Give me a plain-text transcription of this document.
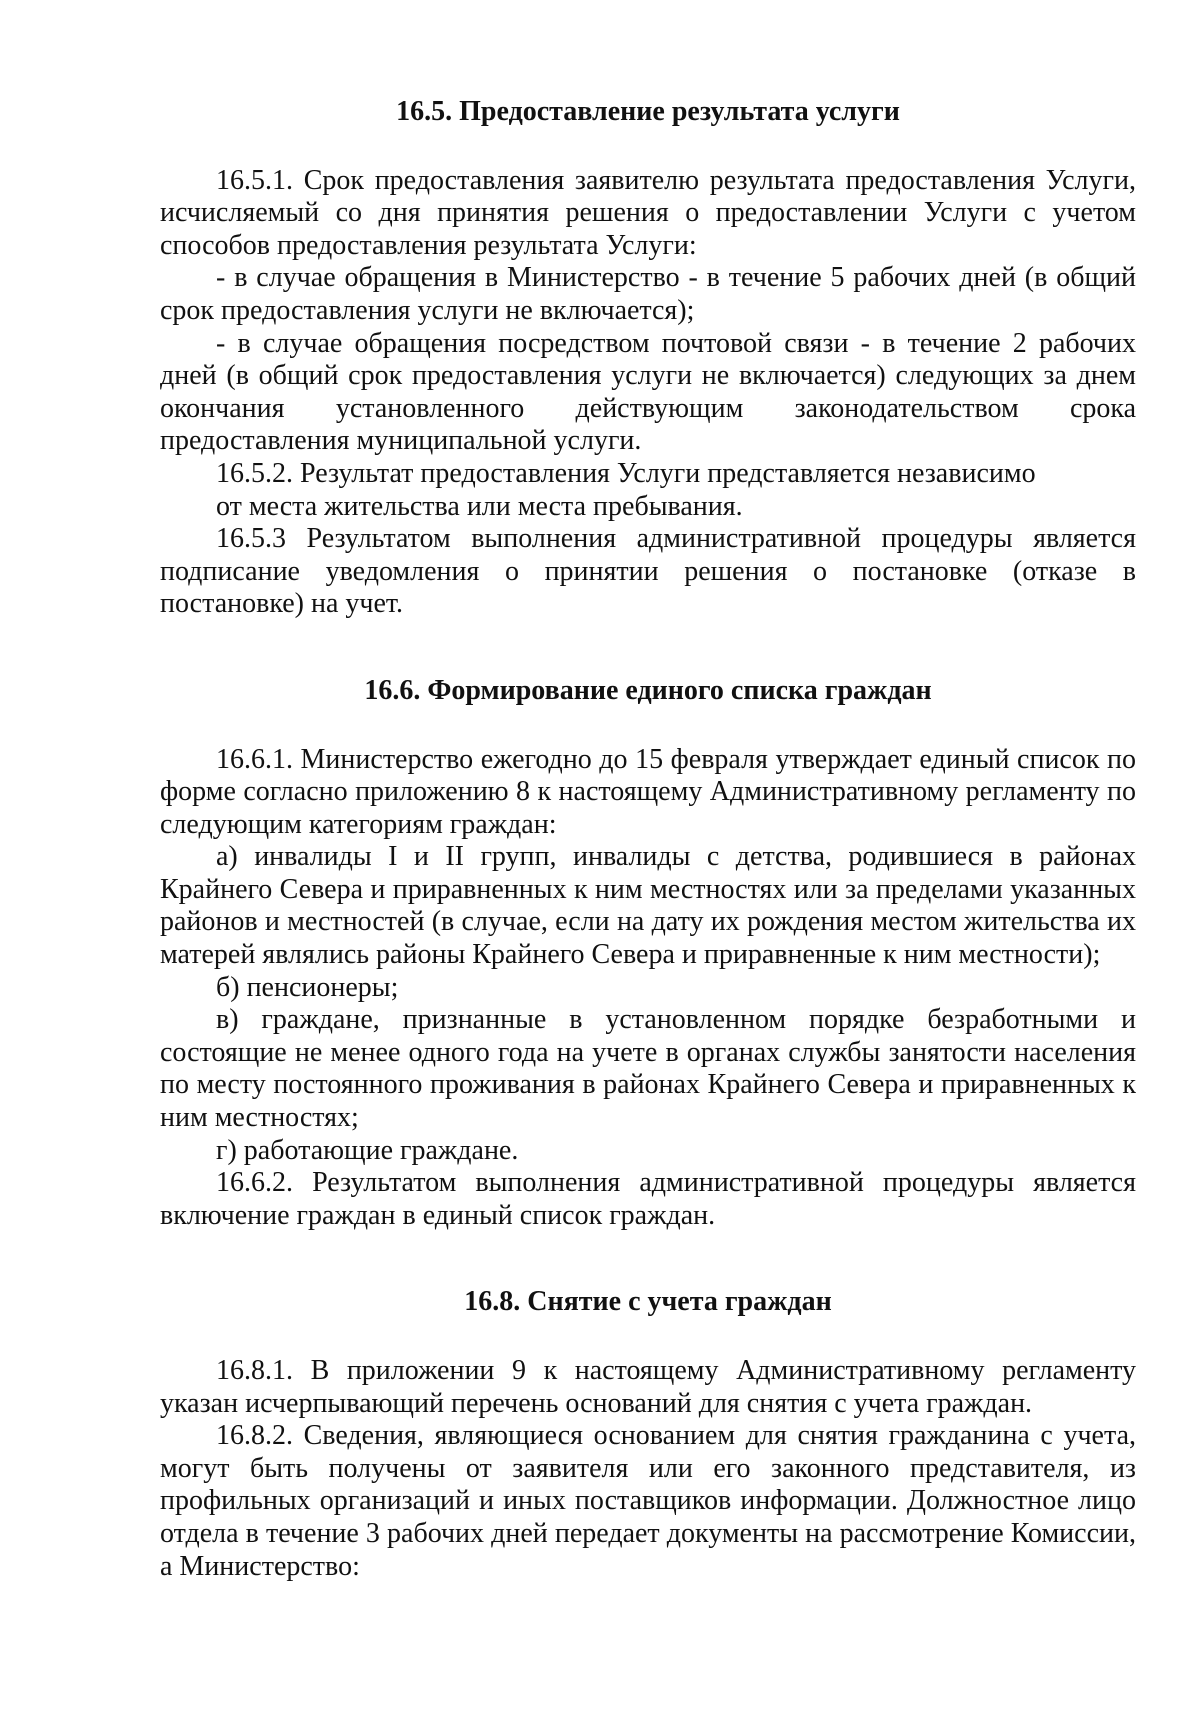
16.5. Предоставление результата услуги

16.5.1. Срок предоставления заявителю результата предоставления Услуги, исчисляемый со дня принятия решения о предоставлении Услуги с учетом способов предоставления результата Услуги:

- в случае обращения в Министерство - в течение 5 рабочих дней (в общий срок предоставления услуги не включается);

- в случае обращения посредством почтовой связи - в течение 2 рабочих дней (в общий срок предоставления услуги не включается) следующих за днем окончания установленного действующим законодательством срока предоставления муниципальной услуги.

16.5.2. Результат предоставления Услуги представляется независимо

от места жительства или места пребывания.

16.5.3 Результатом выполнения административной процедуры является подписание уведомления о принятии решения о постановке (отказе в постановке) на учет.

16.6. Формирование единого списка граждан

16.6.1. Министерство ежегодно до 15 февраля утверждает единый список по форме согласно приложению 8 к настоящему Административному регламенту по следующим категориям граждан:

а) инвалиды I и II групп, инвалиды с детства, родившиеся в районах Крайнего Севера и приравненных к ним местностях или за пределами указанных районов и местностей (в случае, если на дату их рождения местом жительства их матерей являлись районы Крайнего Севера и приравненные к ним местности);

б) пенсионеры;

в) граждане, признанные в установленном порядке безработными и состоящие не менее одного года на учете в органах службы занятости населения по месту постоянного проживания в районах Крайнего Севера и приравненных к ним местностях;

г) работающие граждане.

16.6.2. Результатом выполнения административной процедуры является включение граждан в единый список граждан.

16.8. Снятие с учета граждан

16.8.1. В приложении 9 к настоящему Административному регламенту указан исчерпывающий перечень оснований для снятия с учета граждан.

16.8.2. Сведения, являющиеся основанием для снятия гражданина с учета, могут быть получены от заявителя или его законного представителя, из профильных организаций и иных поставщиков информации. Должностное лицо отдела в течение 3 рабочих дней передает документы на рассмотрение Комиссии, а Министерство:
